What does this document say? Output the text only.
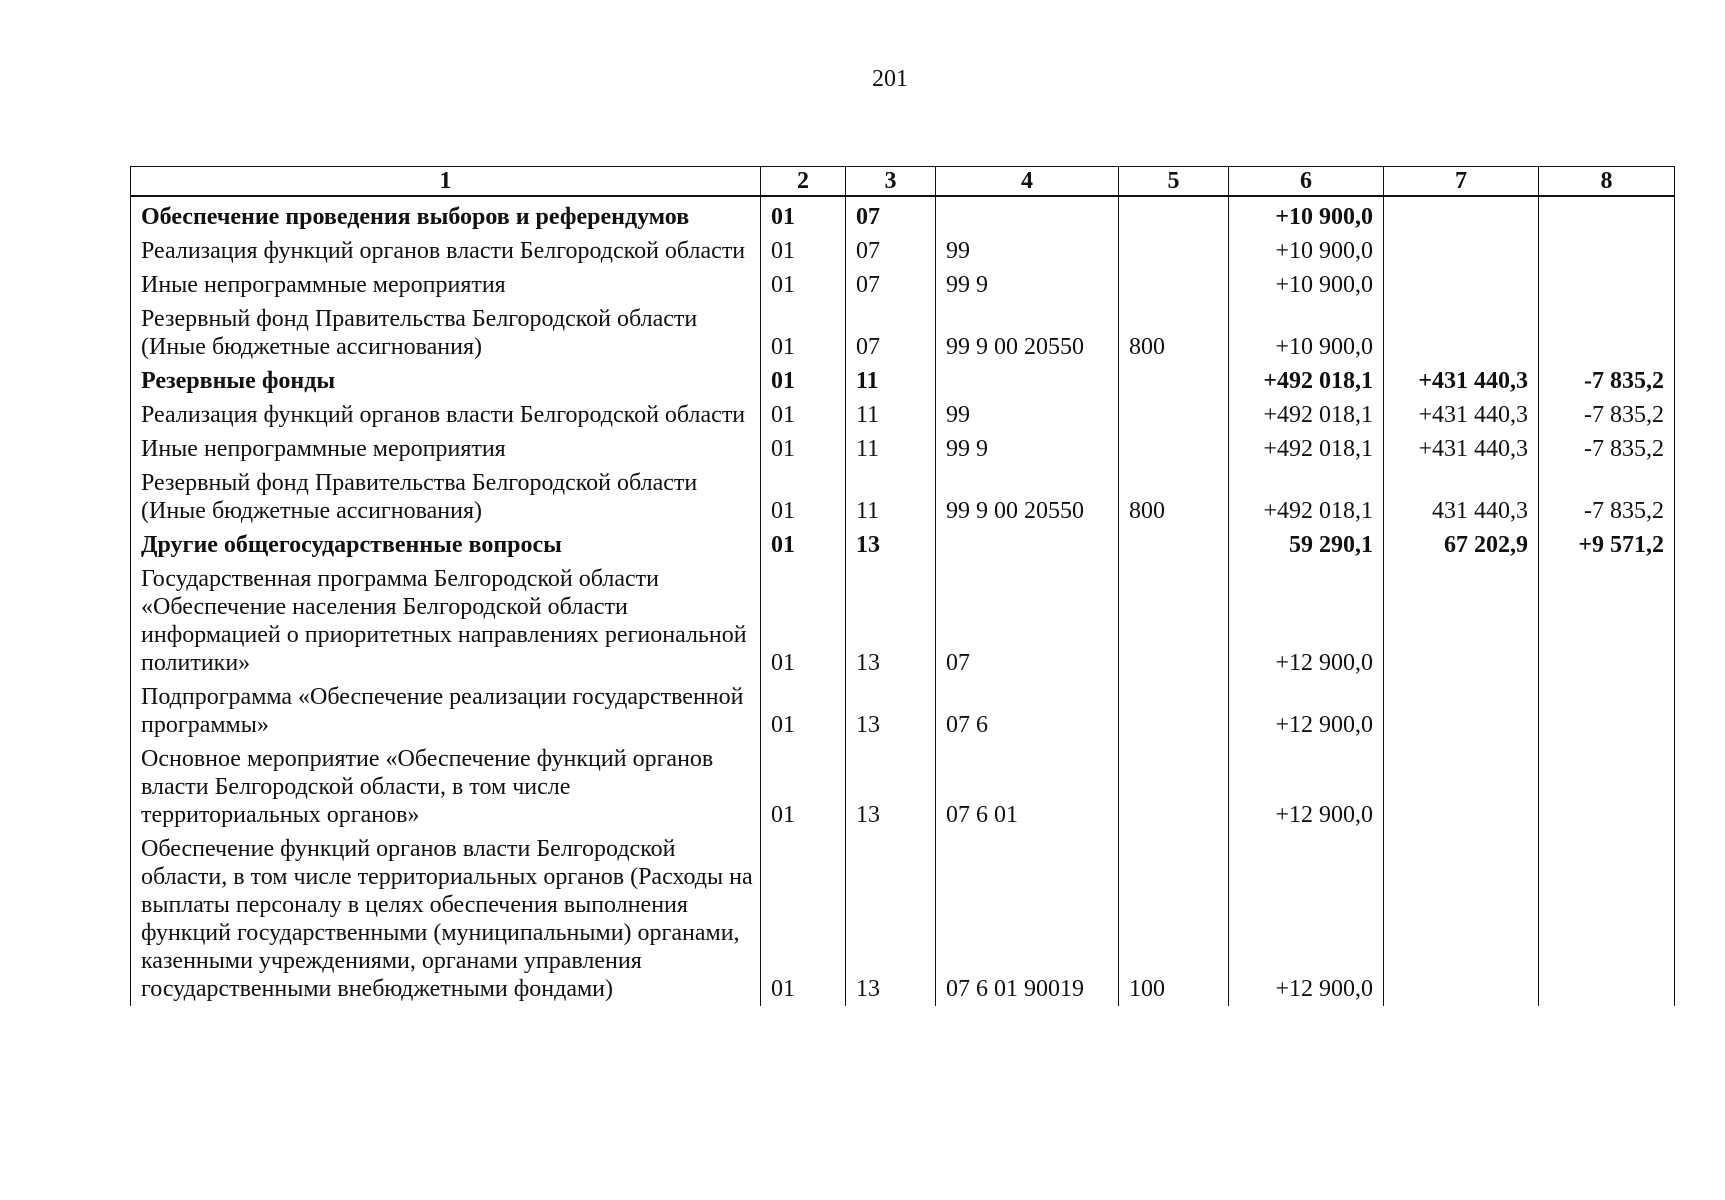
201
1	2	3	4	5	6	7	8
Обеспечение проведения выборов и референдумов	01	07			+10 900,0		
Реализация функций органов власти Белгородской области	01	07	99		+10 900,0		
Иные непрограммные мероприятия	01	07	99 9		+10 900,0		
Резервный фонд Правительства Белгородской области (Иные бюджетные ассигнования)	01	07	99 9 00 20550	800	+10 900,0		
Резервные фонды	01	11			+492 018,1	+431 440,3	-7 835,2
Реализация функций органов власти Белгородской области	01	11	99		+492 018,1	+431 440,3	-7 835,2
Иные непрограммные мероприятия	01	11	99 9		+492 018,1	+431 440,3	-7 835,2
Резервный фонд Правительства Белгородской области (Иные бюджетные ассигнования)	01	11	99 9 00 20550	800	+492 018,1	431 440,3	-7 835,2
Другие общегосударственные вопросы	01	13			59 290,1	67 202,9	+9 571,2
Государственная программа Белгородской области «Обеспечение населения Белгородской области информацией о приоритетных направлениях региональной политики»	01	13	07		+12 900,0		
Подпрограмма «Обеспечение реализации государственной программы»	01	13	07 6		+12 900,0		
Основное мероприятие «Обеспечение функций органов власти Белгородской области, в том числе территориальных органов»	01	13	07 6 01		+12 900,0		
Обеспечение функций органов власти Белгородской области, в том числе территориальных органов (Расходы на выплаты персоналу в целях обеспечения выполнения функций государственными (муниципальными) органами, казенными учреждениями, органами управления государственными внебюджетными фондами)	01	13	07 6 01 90019	100	+12 900,0		
